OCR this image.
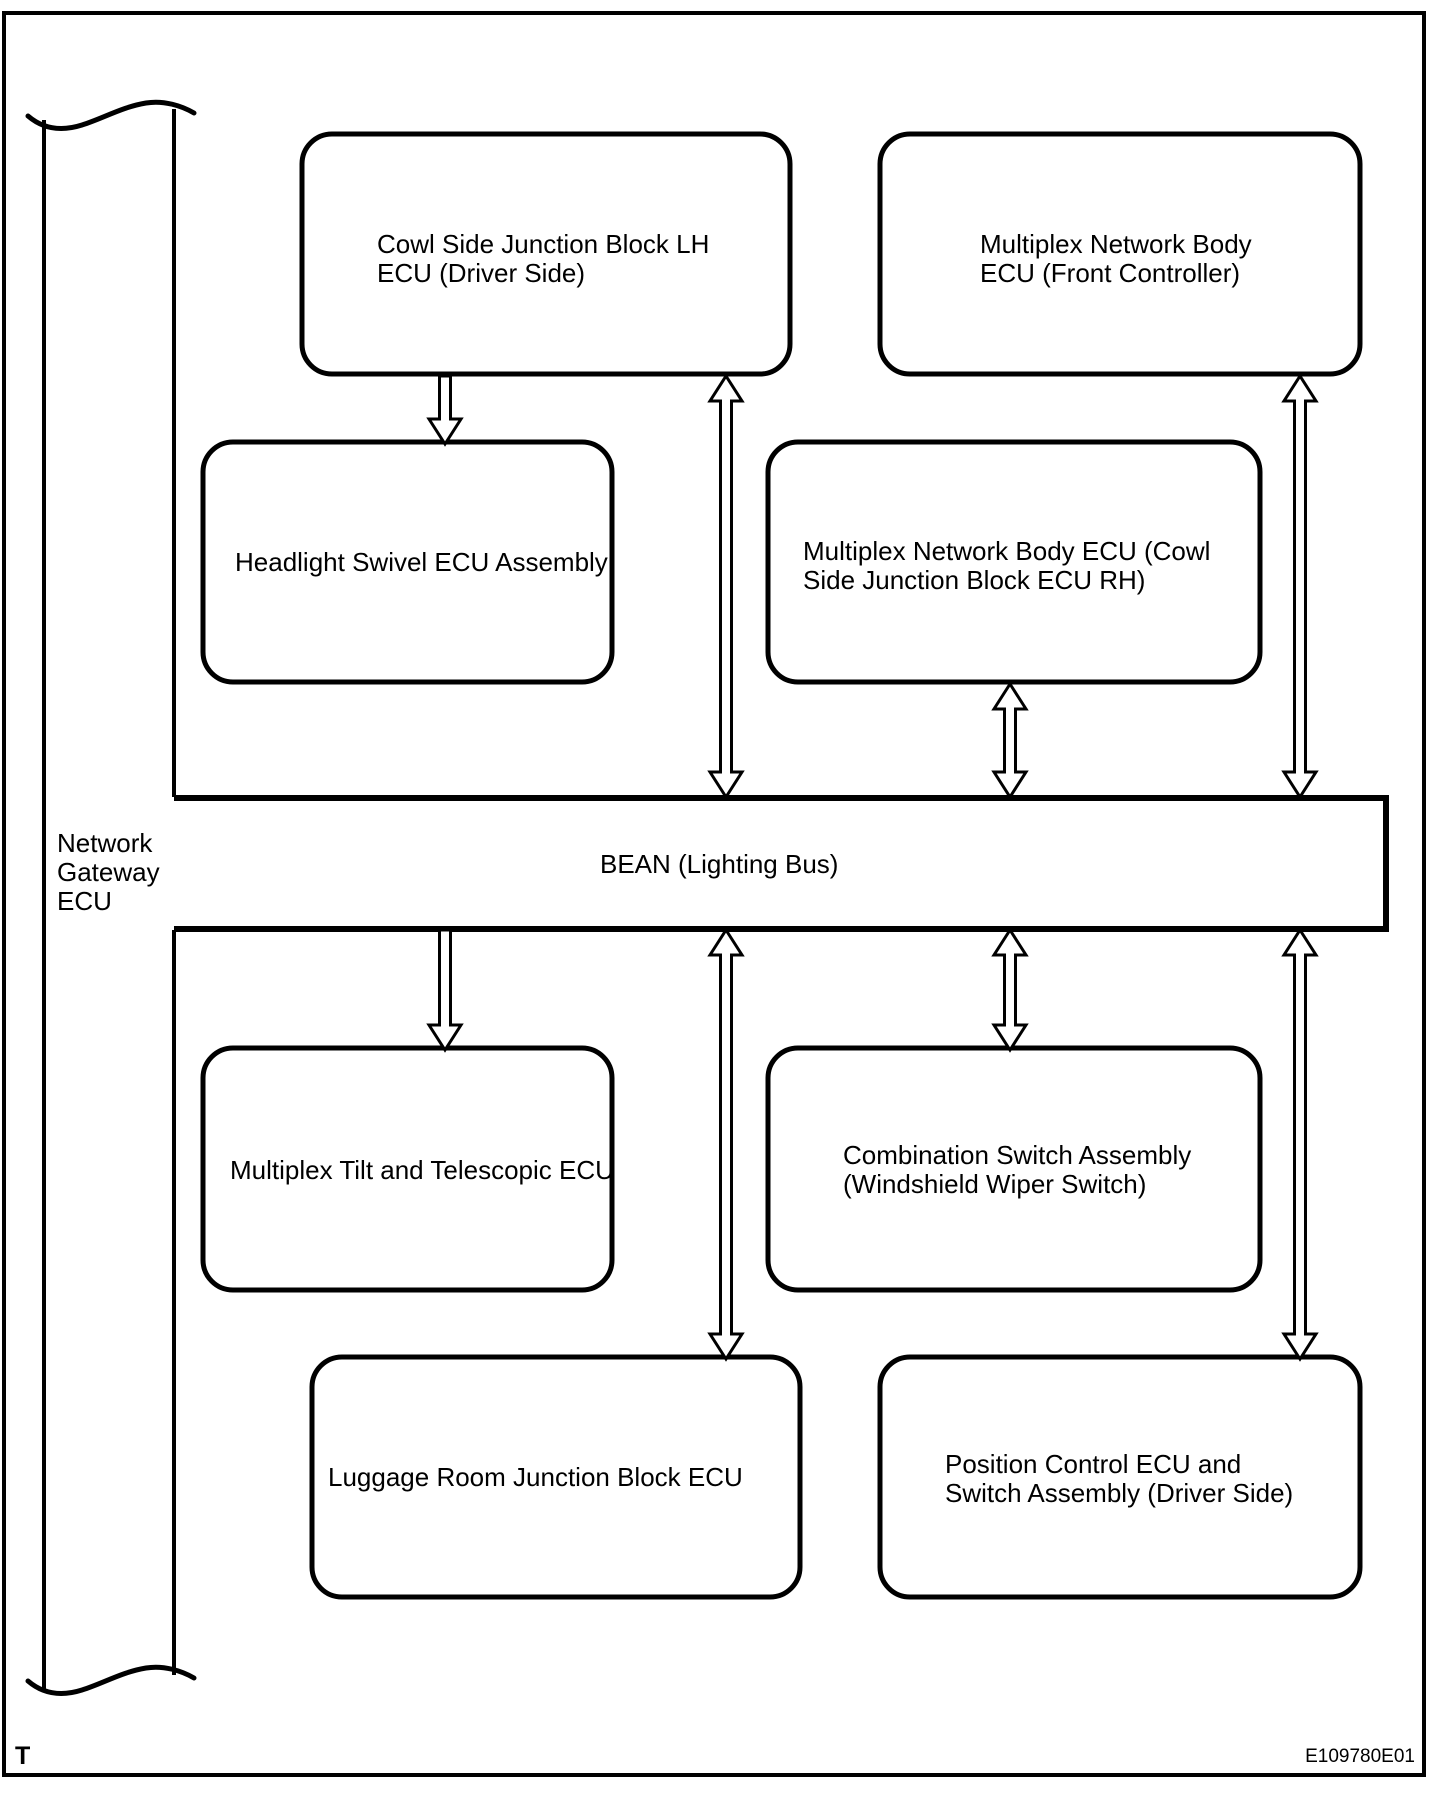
Network
Gateway
ECU
BEAN (Lighting Bus)
Cowl Side Junction Block LH
ECU (Driver Side)
Multiplex Network Body
ECU (Front Controller)
Headlight Swivel ECU Assembly	Multiplex Network Body ECU (Cowl
Side Junction Block ECU RH)
Multiplex Tilt and Telescopic ECU	Combination Switch Assembly
(Windshield Wiper Switch)
Luggage Room Junction Block ECU	Position Control ECU and
Switch Assembly (Driver Side)
T	E109780E01
